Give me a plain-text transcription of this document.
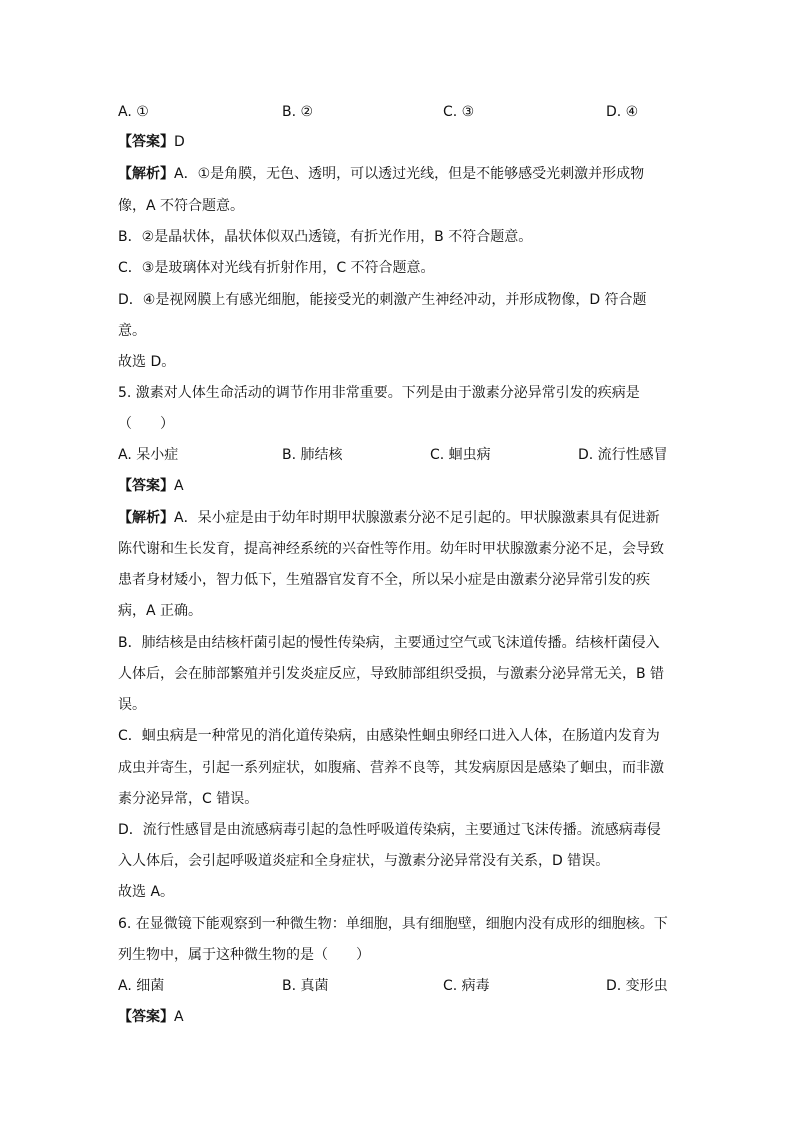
A. ①	B. ②	C. ③	D. ④
【答案】D
【解析】A．①是角膜，无色、透明，可以透过光线，但是不能够感受光刺激并形成物
像，A 不符合题意。
B．②是晶状体，晶状体似双凸透镜，有折光作用，B 不符合题意。
C．③是玻璃体对光线有折射作用，C 不符合题意。
D．④是视网膜上有感光细胞，能接受光的刺激产生神经冲动，并形成物像，D 符合题
意。
故选 D。
5. 激素对人体生命活动的调节作用非常重要。下列是由于激素分泌异常引发的疾病是
（　　）
A. 呆小症	B. 肺结核	C. 蛔虫病	D. 流行性感冒
【答案】A
【解析】A．呆小症是由于幼年时期甲状腺激素分泌不足引起的。甲状腺激素具有促进新
陈代谢和生长发育，提高神经系统的兴奋性等作用。幼年时甲状腺激素分泌不足，会导致
患者身材矮小，智力低下，生殖器官发育不全，所以呆小症是由激素分泌异常引发的疾
病，A 正确。
B．肺结核是由结核杆菌引起的慢性传染病，主要通过空气或飞沫道传播。结核杆菌侵入
人体后，会在肺部繁殖并引发炎症反应，导致肺部组织受损，与激素分泌异常无关，B 错
误。
C．蛔虫病是一种常见的消化道传染病，由感染性蛔虫卵经口进入人体，在肠道内发育为
成虫并寄生，引起一系列症状，如腹痛、营养不良等，其发病原因是感染了蛔虫，而非激
素分泌异常，C 错误。
D．流行性感冒是由流感病毒引起的急性呼吸道传染病，主要通过飞沫传播。流感病毒侵
入人体后，会引起呼吸道炎症和全身症状，与激素分泌异常没有关系，D 错误。
故选 A。
6. 在显微镜下能观察到一种微生物：单细胞，具有细胞壁，细胞内没有成形的细胞核。下
列生物中，属于这种微生物的是（　　）
A. 细菌	B. 真菌	C. 病毒	D. 变形虫
【答案】A
